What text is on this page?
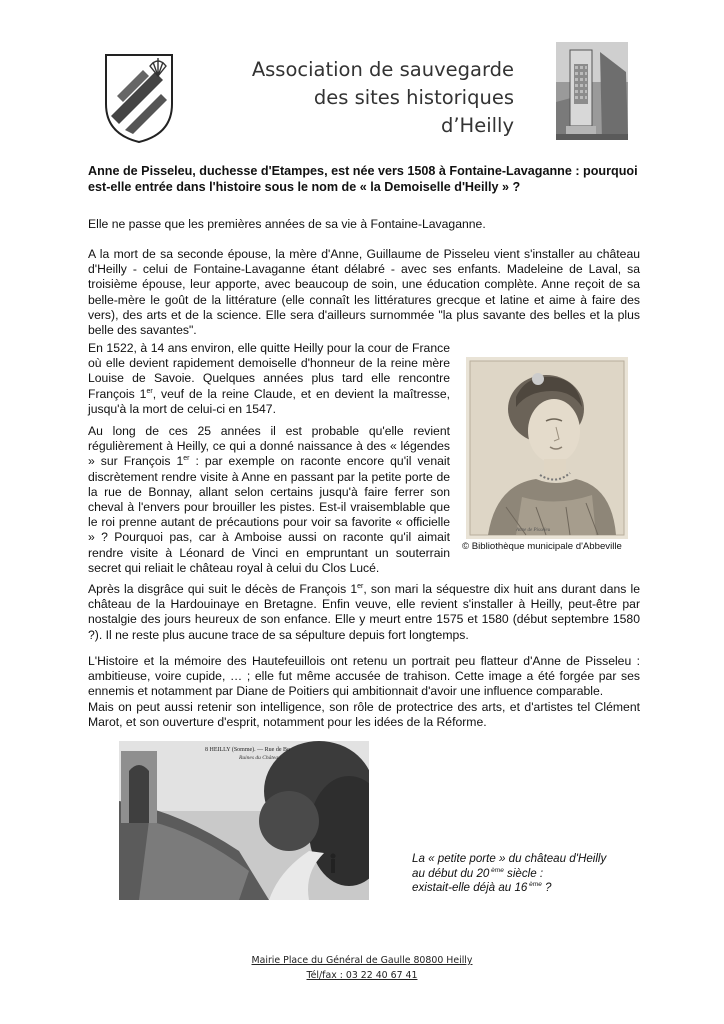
Association de sauvegarde
des sites historiques
d’Heilly
Anne de Pisseleu, duchesse d'Etampes, est née vers 1508 à Fontaine-Lavaganne : pourquoi est-elle entrée dans l'histoire sous le nom de « la Demoiselle d'Heilly » ?
Elle ne passe que les premières années de sa vie à Fontaine-Lavaganne.
A la mort de sa seconde épouse, la mère d'Anne, Guillaume de Pisseleu vient s'installer au château d'Heilly - celui de Fontaine-Lavaganne étant délabré - avec ses enfants. Madeleine de Laval, sa troisième épouse, leur apporte, avec beaucoup de soin, une éducation complète. Anne reçoit de sa belle-mère le goût de la littérature (elle connaît les littératures grecque et latine et aime à faire des vers), des arts et de la science. Elle sera d'ailleurs surnommée "la plus savante des belles et la plus belle des savantes".
En 1522, à 14 ans environ, elle quitte Heilly pour la cour de France où elle devient rapidement demoiselle d'honneur de la reine mère Louise de Savoie. Quelques années plus tard elle rencontre François 1er, veuf de la reine Claude, et en devient la maîtresse, jusqu'à la mort de celui-ci en 1547.
Au long de ces 25 années il est probable qu'elle revient régulièrement à Heilly, ce qui a donné naissance à des « légendes » sur François 1er : par exemple on raconte encore qu'il venait discrètement rendre visite à Anne en passant par la petite porte de la rue de Bonnay, allant selon certains jusqu'à faire ferrer son cheval à l'envers pour brouiller les pistes. Est-il vraisemblable que le roi prenne autant de précautions pour voir sa favorite « officielle » ? Pourquoi pas, car à Amboise aussi on raconte qu'il aimait rendre visite à Léonard de Vinci en empruntant un souterrain secret qui reliait le château royal à celui du Clos Lucé.
Anne de Pisseleu
© Bibliothèque municipale d'Abbeville
Après la disgrâce qui suit le décès de François 1er, son mari la séquestre dix huit ans durant dans le château de la Hardouinaye en Bretagne. Enfin veuve, elle revient s'installer à Heilly, peut-être par nostalgie des jours heureux de son enfance. Elle y meurt entre 1575 et 1580 (début septembre 1580 ?). Il ne reste plus aucune trace de sa sépulture depuis fort longtemps.
L'Histoire et la mémoire des Hautefeuillois ont retenu un portrait peu flatteur d'Anne de Pisseleu : ambitieuse, voire cupide, … ; elle fut même accusée de trahison. Cette image a été forgée par ses ennemis et notamment par Diane de Poitiers qui ambitionnait d'avoir une influence comparable.
Mais on peut aussi retenir son intelligence, son rôle de protectrice des arts, et d'artistes tel Clément Marot, et son ouverture d'esprit, notamment pour les idées de la Réforme.
8 HEILLY (Somme). — Rue de Bo
Ruines du Château
La « petite porte » du château d'Heilly
au début du 20 $^{ème}$ siècle :
existait-elle déjà au 16 $^{ème}$ ?
Mairie Place du Général de Gaulle 80800 Heilly
Tél/fax : 03 22 40 67 41
